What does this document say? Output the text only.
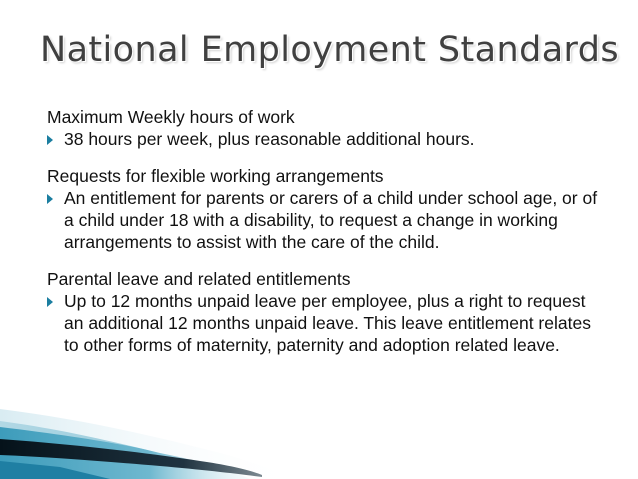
National Employment Standards
Maximum Weekly hours of work
38 hours per week, plus reasonable additional hours.
Requests for flexible working arrangements
An entitlement for parents or carers of a child under school age, or of a child under 18 with a disability, to request a change in working arrangements to assist with the care of the child.
Parental leave and related entitlements
Up to 12 months unpaid leave per employee, plus a right to request an additional 12 months unpaid leave. This leave entitlement relates to other forms of maternity, paternity and adoption related leave.
